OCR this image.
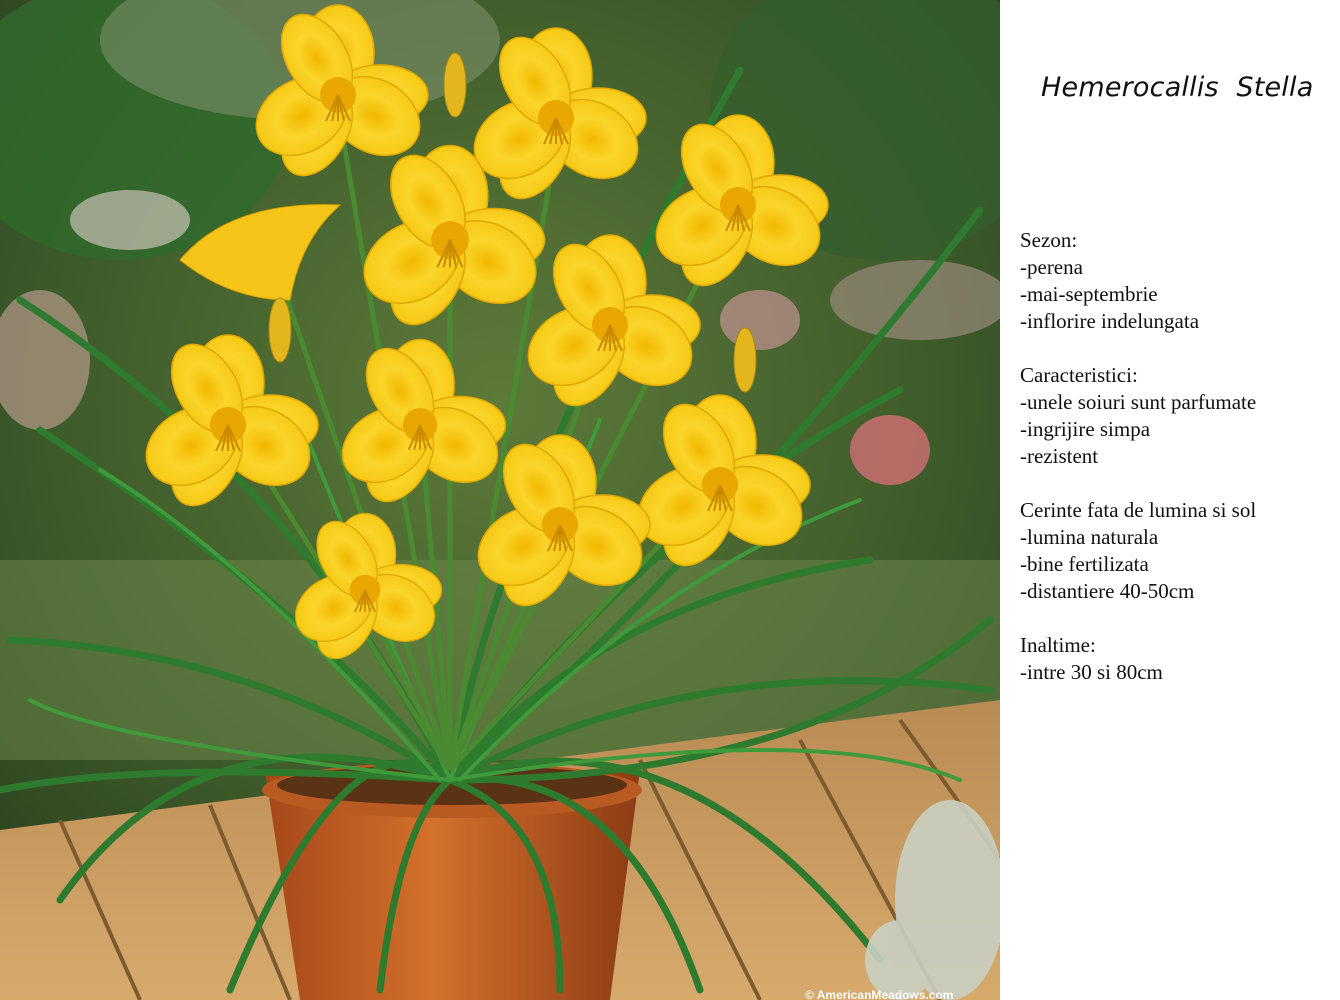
© AmericanMeadows.com
Hemerocallis  Stella
Sezon:
-perena
-mai-septembrie
-inflorire indelungata
Caracteristici:
-unele soiuri sunt parfumate
-ingrijire simpa
-rezistent
Cerinte fata de lumina si sol
-lumina naturala
-bine fertilizata
-distantiere 40-50cm
Inaltime:
-intre 30 si 80cm
